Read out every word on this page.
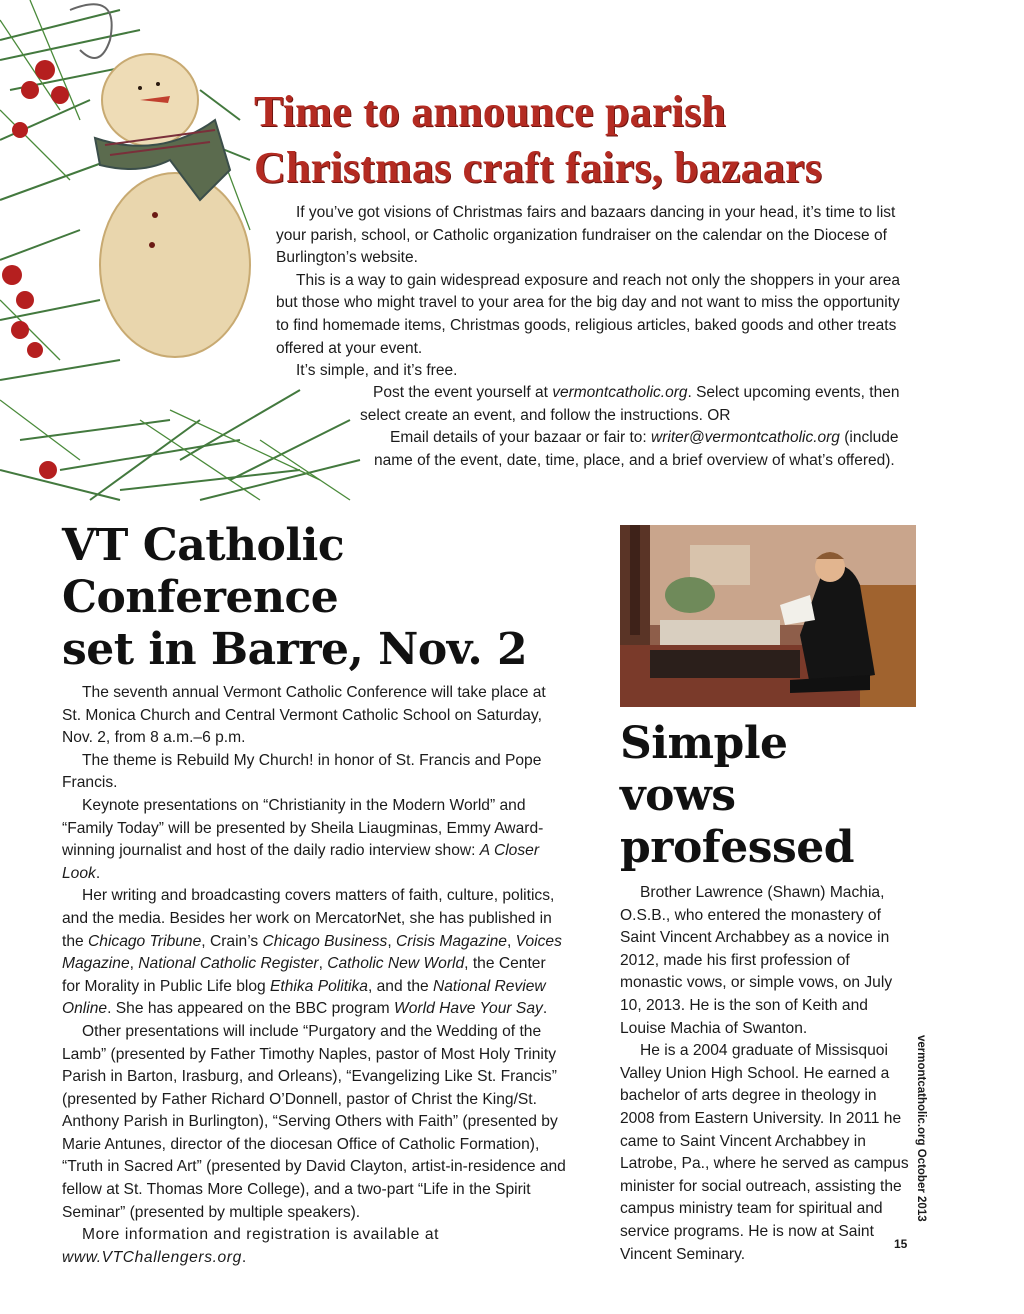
Time to announce parish
Christmas craft fairs, bazaars

If you’ve got visions of Christmas fairs and bazaars dancing in your head, it’s time to list your parish, school, or Catholic organization fundraiser on the calendar on the Diocese of Burlington’s website.

This is a way to gain widespread exposure and reach not only the shoppers in your area but those who might travel to your area for the big day and not want to miss the opportunity to find homemade items, Christmas goods, religious articles, baked goods and other treats offered at your event.

It’s simple, and it’s free.

Post the event yourself at vermontcatholic.org. Select upcoming events, then select create an event, and follow the instructions. OR

Email details of your bazaar or fair to: writer@vermontcatholic.org (include name of the event, date, time, place, and a brief overview of what’s offered).

VT Catholic Conference
set in Barre, Nov. 2

The seventh annual Vermont Catholic Conference will take place at St. Monica Church and Central Vermont Catholic School on Saturday, Nov. 2, from 8 a.m.–6 p.m.

The theme is Rebuild My Church! in honor of St. Francis and Pope Francis.

Keynote presentations on “Christianity in the Modern World” and “Family Today” will be presented by Sheila Liaugminas, Emmy Award-winning journalist and host of the daily radio interview show: A Closer Look.

Her writing and broadcasting covers matters of faith, culture, politics, and the media. Besides her work on MercatorNet, she has published in the Chicago Tribune, Crain’s Chicago Business, Crisis Magazine, Voices Magazine, National Catholic Register, Catholic New World, the Center for Morality in Public Life blog Ethika Politika, and the National Review Online. She has appeared on the BBC program World Have Your Say.

Other presentations will include “Purgatory and the Wedding of the Lamb” (presented by Father Timothy Naples, pastor of Most Holy Trinity Parish in Barton, Irasburg, and Orleans), “Evangelizing Like St. Francis” (presented by Father Richard O’Donnell, pastor of Christ the King/St. Anthony Parish in Burlington), “Serving Others with Faith” (presented by Marie Antunes, director of the diocesan Office of Catholic Formation), “Truth in Sacred Art” (presented by David Clayton, artist-in-residence and fellow at St. Thomas More College), and a two-part “Life in the Spirit Seminar” (presented by multiple speakers).

More information and registration is available at www.VTChallengers.org.

Simple vows
professed

Brother Lawrence (Shawn) Machia, O.S.B., who entered the monastery of Saint Vincent Archabbey as a novice in 2012, made his first profession of monastic vows, or simple vows, on July 10, 2013. He is the son of Keith and Louise Machia of Swanton.

He is a 2004 graduate of Missisquoi Valley Union High School. He earned a bachelor of arts degree in theology in 2008 from Eastern University. In 2011 he came to Saint Vincent Archabbey in Latrobe, Pa., where he served as campus minister for social outreach, assisting the campus ministry team for spiritual and service programs. He is now at Saint Vincent Seminary.

vermontcatholic.org October 2013
15
